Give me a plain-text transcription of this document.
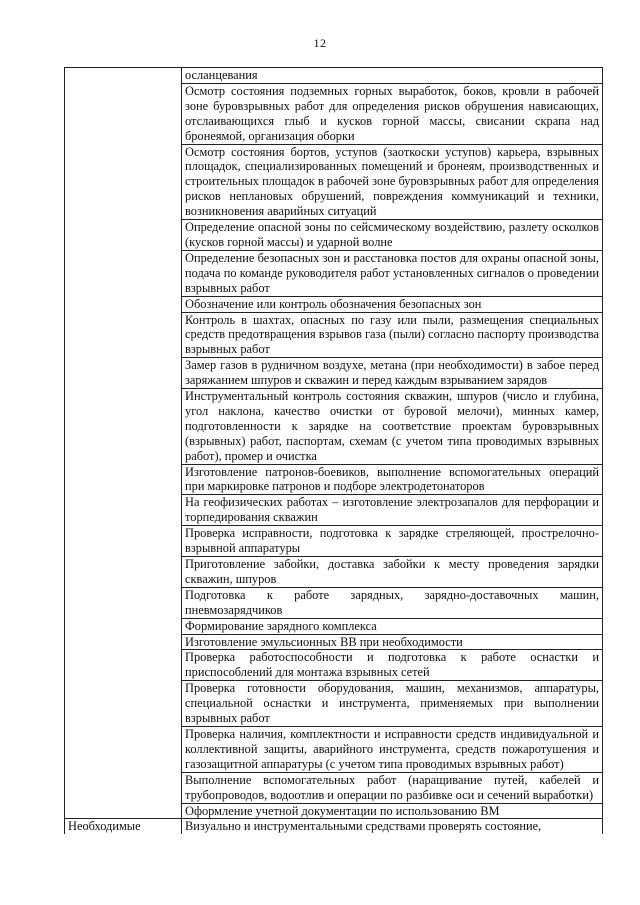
12

	осланцевания

	Осмотр состояния подземных горных выработок, боков, кровли в рабочей зоне буровзрывных работ для определения рисков обрушения нависающих, отслаивающихся глыб и кусков горной массы, свисании скрапа над бронеямой, организация оборки

	Осмотр состояния бортов, уступов (заоткоски уступов) карьера, взрывных площадок, специализированных помещений и бронеям, производственных и строительных площадок в рабочей зоне буровзрывных работ для определения рисков неплановых обрушений, повреждения коммуникаций и техники, возникновения аварийных ситуаций

	Определение опасной зоны по сейсмическому воздействию, разлету осколков (кусков горной массы) и ударной волне

	Определение безопасных зон и расстановка постов для охраны опасной зоны, подача по команде руководителя работ установленных сигналов о проведении взрывных работ

	Обозначение или контроль обозначения безопасных зон

	Контроль в шахтах, опасных по газу или пыли, размещения специальных средств предотвращения взрывов газа (пыли) согласно паспорту производства взрывных работ

	Замер газов в рудничном воздухе, метана (при необходимости) в забое перед заряжанием шпуров и скважин и перед каждым взрыванием зарядов

	Инструментальный контроль состояния скважин, шпуров (число и глубина, угол наклона, качество очистки от буровой мелочи), минных камер, подготовленности к зарядке на соответствие проектам буровзрывных (взрывных) работ, паспортам, схемам (с учетом типа проводимых взрывных работ), промер и очистка

	Изготовление патронов-боевиков, выполнение вспомогательных операций при маркировке патронов и подборе электродетонаторов

	На геофизических работах – изготовление электрозапалов для перфорации и торпедирования скважин

	Проверка исправности, подготовка к зарядке стреляющей, прострелочно-взрывной аппаратуры

	Приготовление забойки, доставка забойки к месту проведения зарядки скважин, шпуров

	Подготовка к работе зарядных, зарядно-доставочных машин, пневмозарядчиков

	Формирование зарядного комплекса

	Изготовление эмульсионных ВВ при необходимости

	Проверка работоспособности и подготовка к работе оснастки и приспособлений для монтажа взрывных сетей

	Проверка готовности оборудования, машин, механизмов, аппаратуры, специальной оснастки и инструмента, применяемых при выполнении взрывных работ

	Проверка наличия, комплектности и исправности средств индивидуальной и коллективной защиты, аварийного инструмента, средств пожаротушения и газозащитной аппаратуры (с учетом типа проводимых взрывных работ)

	Выполнение вспомогательных работ (наращивание путей, кабелей и трубопроводов, водоотлив и операции по разбивке оси и сечений выработки)

	Оформление учетной документации по использованию ВМ

Необходимые	Визуально и инструментальными средствами проверять состояние,
